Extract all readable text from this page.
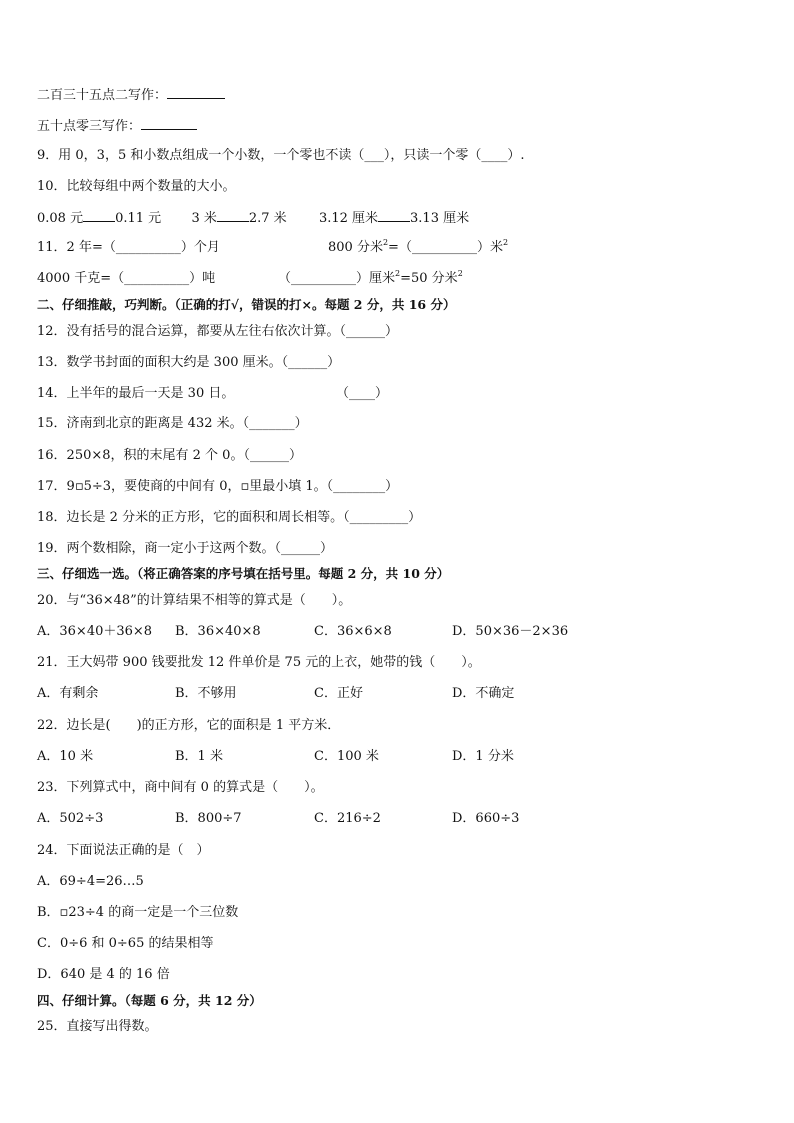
二百三十五点二写作：
五十点零三写作：
9．用 0，3，5 和小数点组成一个小数，一个零也不读（___），只读一个零（____）.
10．比较每组中两个数量的大小。
0.08 元 0.11 元 3 米 2.7 米 3.12 厘米 3.13 厘米
11．2 年=（__________）个月	800 分米$^2$=（__________）米$^2$
4000 千克=（__________）吨	（__________）厘米$^2$=50 分米$^2$
二、仔细推敲，巧判断。（正确的打√，错误的打×。每题 2 分，共 16 分）
12．没有括号的混合运算，都要从左往右依次计算。（______）
13．数学书封面的面积大约是 300 厘米。（______）
14．上半年的最后一天是 30 日。	（____）
15．济南到北京的距离是 432 米。（_______）
16．250×8，积的末尾有 2 个 0。（______）
17．9▫5÷3，要使商的中间有 0，▫里最小填 1。（________）
18．边长是 2 分米的正方形，它的面积和周长相等。（_________）
19．两个数相除，商一定小于这两个数。（______）
三、仔细选一选。（将正确答案的序号填在括号里。每题 2 分，共 10 分）
20．与“36×48”的计算结果不相等的算式是（　　）。
A．36×40＋36×8 B．36×40×8	C．36×6×8	D．50×36－2×36
21．王大妈带 900 钱要批发 12 件单价是 75 元的上衣，她带的钱（　　）。
A．有剩余	B．不够用	C．正好	D．不确定
22．边长是(　　)的正方形，它的面积是 1 平方米．
A．10 米	B．1 米	C．100 米	D．1 分米
23．下列算式中，商中间有 0 的算式是（　　）。
A．502÷3	B．800÷7	C．216÷2	D．660÷3
24．下面说法正确的是（　）
A．69÷4=26…5
B．▫23÷4 的商一定是一个三位数
C．0÷6 和 0÷65 的结果相等
D．640 是 4 的 16 倍
四、仔细计算。（每题 6 分，共 12 分）
25．直接写出得数。
